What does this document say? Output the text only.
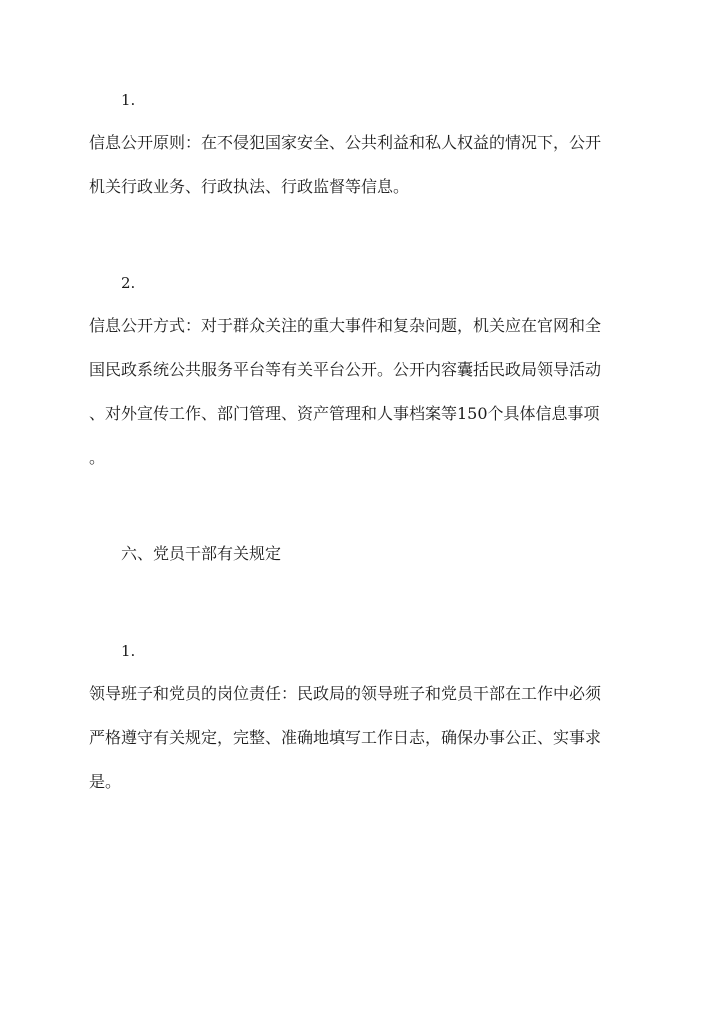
1.
信息公开原则：在不侵犯国家安全、公共利益和私人权益的情况下，公开
机关行政业务、行政执法、行政监督等信息。
2.
信息公开方式：对于群众关注的重大事件和复杂问题，机关应在官网和全
国民政系统公共服务平台等有关平台公开。公开内容囊括民政局领导活动
、对外宣传工作、部门管理、资产管理和人事档案等150个具体信息事项
。
六、党员干部有关规定
1.
领导班子和党员的岗位责任：民政局的领导班子和党员干部在工作中必须
严格遵守有关规定，完整、准确地填写工作日志，确保办事公正、实事求
是。
